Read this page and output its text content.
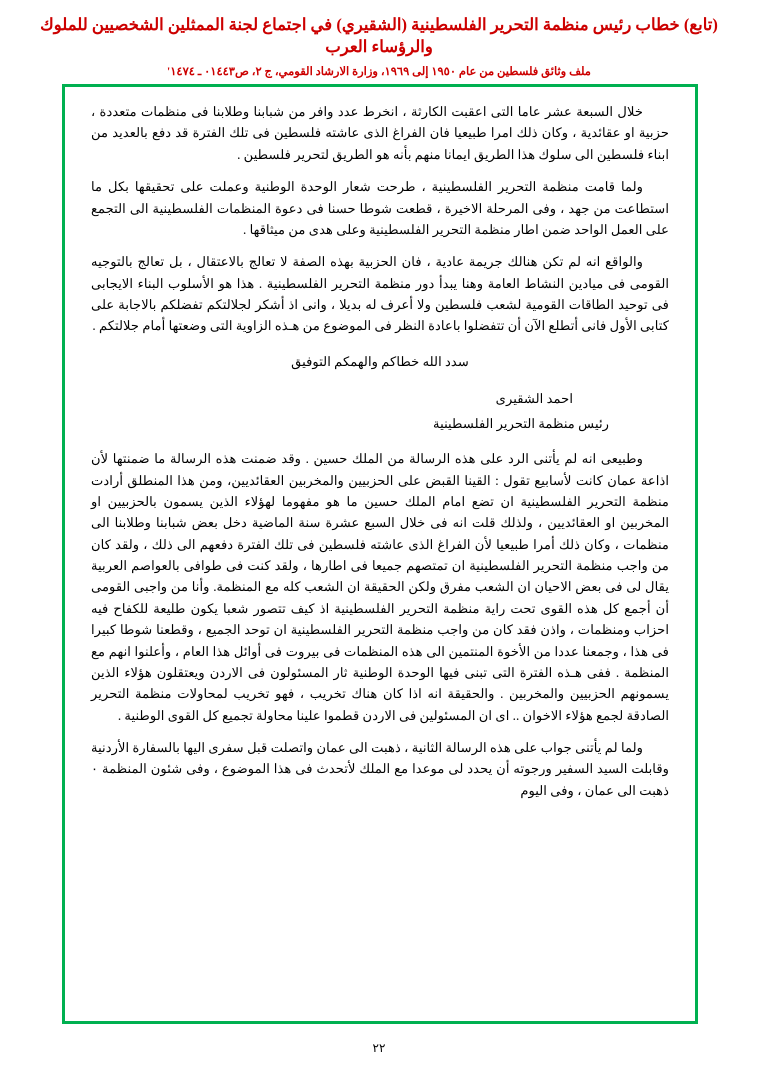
(تابع) خطاب رئيس منظمة التحرير الفلسطينية (الشقيري) في اجتماع لجنة الممثلين الشخصيين للملوك والرؤساء العرب
ملف وثائق فلسطين من عام ١٩٥٠ إلى ١٩٦٩، وزارة الارشاد القومي، ج ٢، ص٠١٤٤٣ ـ ١٤٧٤'

خلال السبعة عشر عاما التى اعقبت الكارثة ، انخرط عدد وافر من شبابنا وطلابنا فى منظمات متعددة ، حزبية او عقائدية ، وكان ذلك امرا طبيعيا فان الفراغ الذى عاشته فلسطين فى تلك الفترة قد دفع بالعديد من ابناء فلسطين الى سلوك هذا الطريق ايمانا منهم بأنه هو الطريق لتحرير فلسطين .

ولما قامت منظمة التحرير الفلسطينية ، طرحت شعار الوحدة الوطنية وعملت على تحقيقها بكل ما استطاعت من جهد ، وفى المرحلة الاخيرة ، قطعت شوطا حسنا فى دعوة المنظمات الفلسطينية الى التجمع على العمل الواحد ضمن اطار منظمة التحرير الفلسطينية وعلى هدى من ميثاقها .

والواقع انه لم تكن هنالك جريمة عادية ، فان الحزبية بهذه الصفة لا تعالج بالاعتقال ، بل تعالج بالتوجيه القومى فى ميادين النشاط العامة وهنا يبدأ دور منظمة التحرير الفلسطينية . هذا هو الأسلوب البناء الايجابى فى توحيد الطاقات القومية لشعب فلسطين ولا أعرف له بديلا ، وانى اذ أشكر لجلالتكم تفضلكم بالاجابة على كتابى الأول فانى أتطلع الآن أن تتفضلوا باعادة النظر فى الموضوع من هـذه الزاوية التى وضعتها أمام جلالتكم .

سدد الله خطاكم والهمكم التوفيق

احمد الشقيرى

رئيس منظمة التحرير الفلسطينية

وطبيعى انه لم يأتنى الرد على هذه الرسالة من الملك حسين . وقد ضمنت هذه الرسالة ما ضمنتها لأن اذاعة عمان كانت لأسابيع تقول : القينا القبض على الحزبيين والمخربين العقائديين، ومن هذا المنطلق أرادت منظمة التحرير الفلسطينية ان تضع امام الملك حسين ما هو مفهوما لهؤلاء الذين يسمون بالحزبيين او المخربين او العقائديين ، ولذلك قلت انه فى خلال السبع عشرة سنة الماضية دخل بعض شبابنا وطلابنا الى منظمات ، وكان ذلك أمرا طبيعيا لأن الفراغ الذى عاشته فلسطين فى تلك الفترة دفعهم الى ذلك ، ولقد كان من واجب منظمة التحرير الفلسطينية ان تمتصهم جميعا فى اطارها ، ولقد كنت فى طوافى بالعواصم العربية يقال لى فى بعض الاحيان ان الشعب مفرق ولكن الحقيقة ان الشعب كله مع المنظمة. وأنا من واجبى القومى أن أجمع كل هذه القوى تحت راية منظمة التحرير الفلسطينية اذ كيف تتصور شعبا يكون طليعة للكفاح فيه احزاب ومنظمات ، واذن فقد كان من واجب منظمة التحرير الفلسطينية ان توحد الجميع ، وقطعنا شوطا كبيرا فى هذا ، وجمعنا عددا من الأخوة المنتمين الى هذه المنظمات فى بيروت فى أوائل هذا العام ، وأعلنوا انهم مع المنظمة . ففى هـذه الفترة التى تبنى فيها الوحدة الوطنية ثار المسئولون فى الاردن ويعتقلون هؤلاء الذين يسمونهم الحزبيين والمخربين . والحقيقة انه اذا كان هناك تخريب ، فهو تخريب لمحاولات منظمة التحرير الصادقة لجمع هؤلاء الاخوان .. اى ان المسئولين فى الاردن قطموا علينا محاولة تجميع كل القوى الوطنية .

ولما لم يأتنى جواب على هذه الرسالة الثانية ، ذهبت الى عمان واتصلت قبل سفرى اليها بالسفارة الأردنية وقابلت السيد السفير ورجوته أن يحدد لى موعدا مع الملك لأتحدث فى هذا الموضوع ، وفى شئون المنظمة ٠ ذهبت الى عمان ، وفى اليوم

٢٢
